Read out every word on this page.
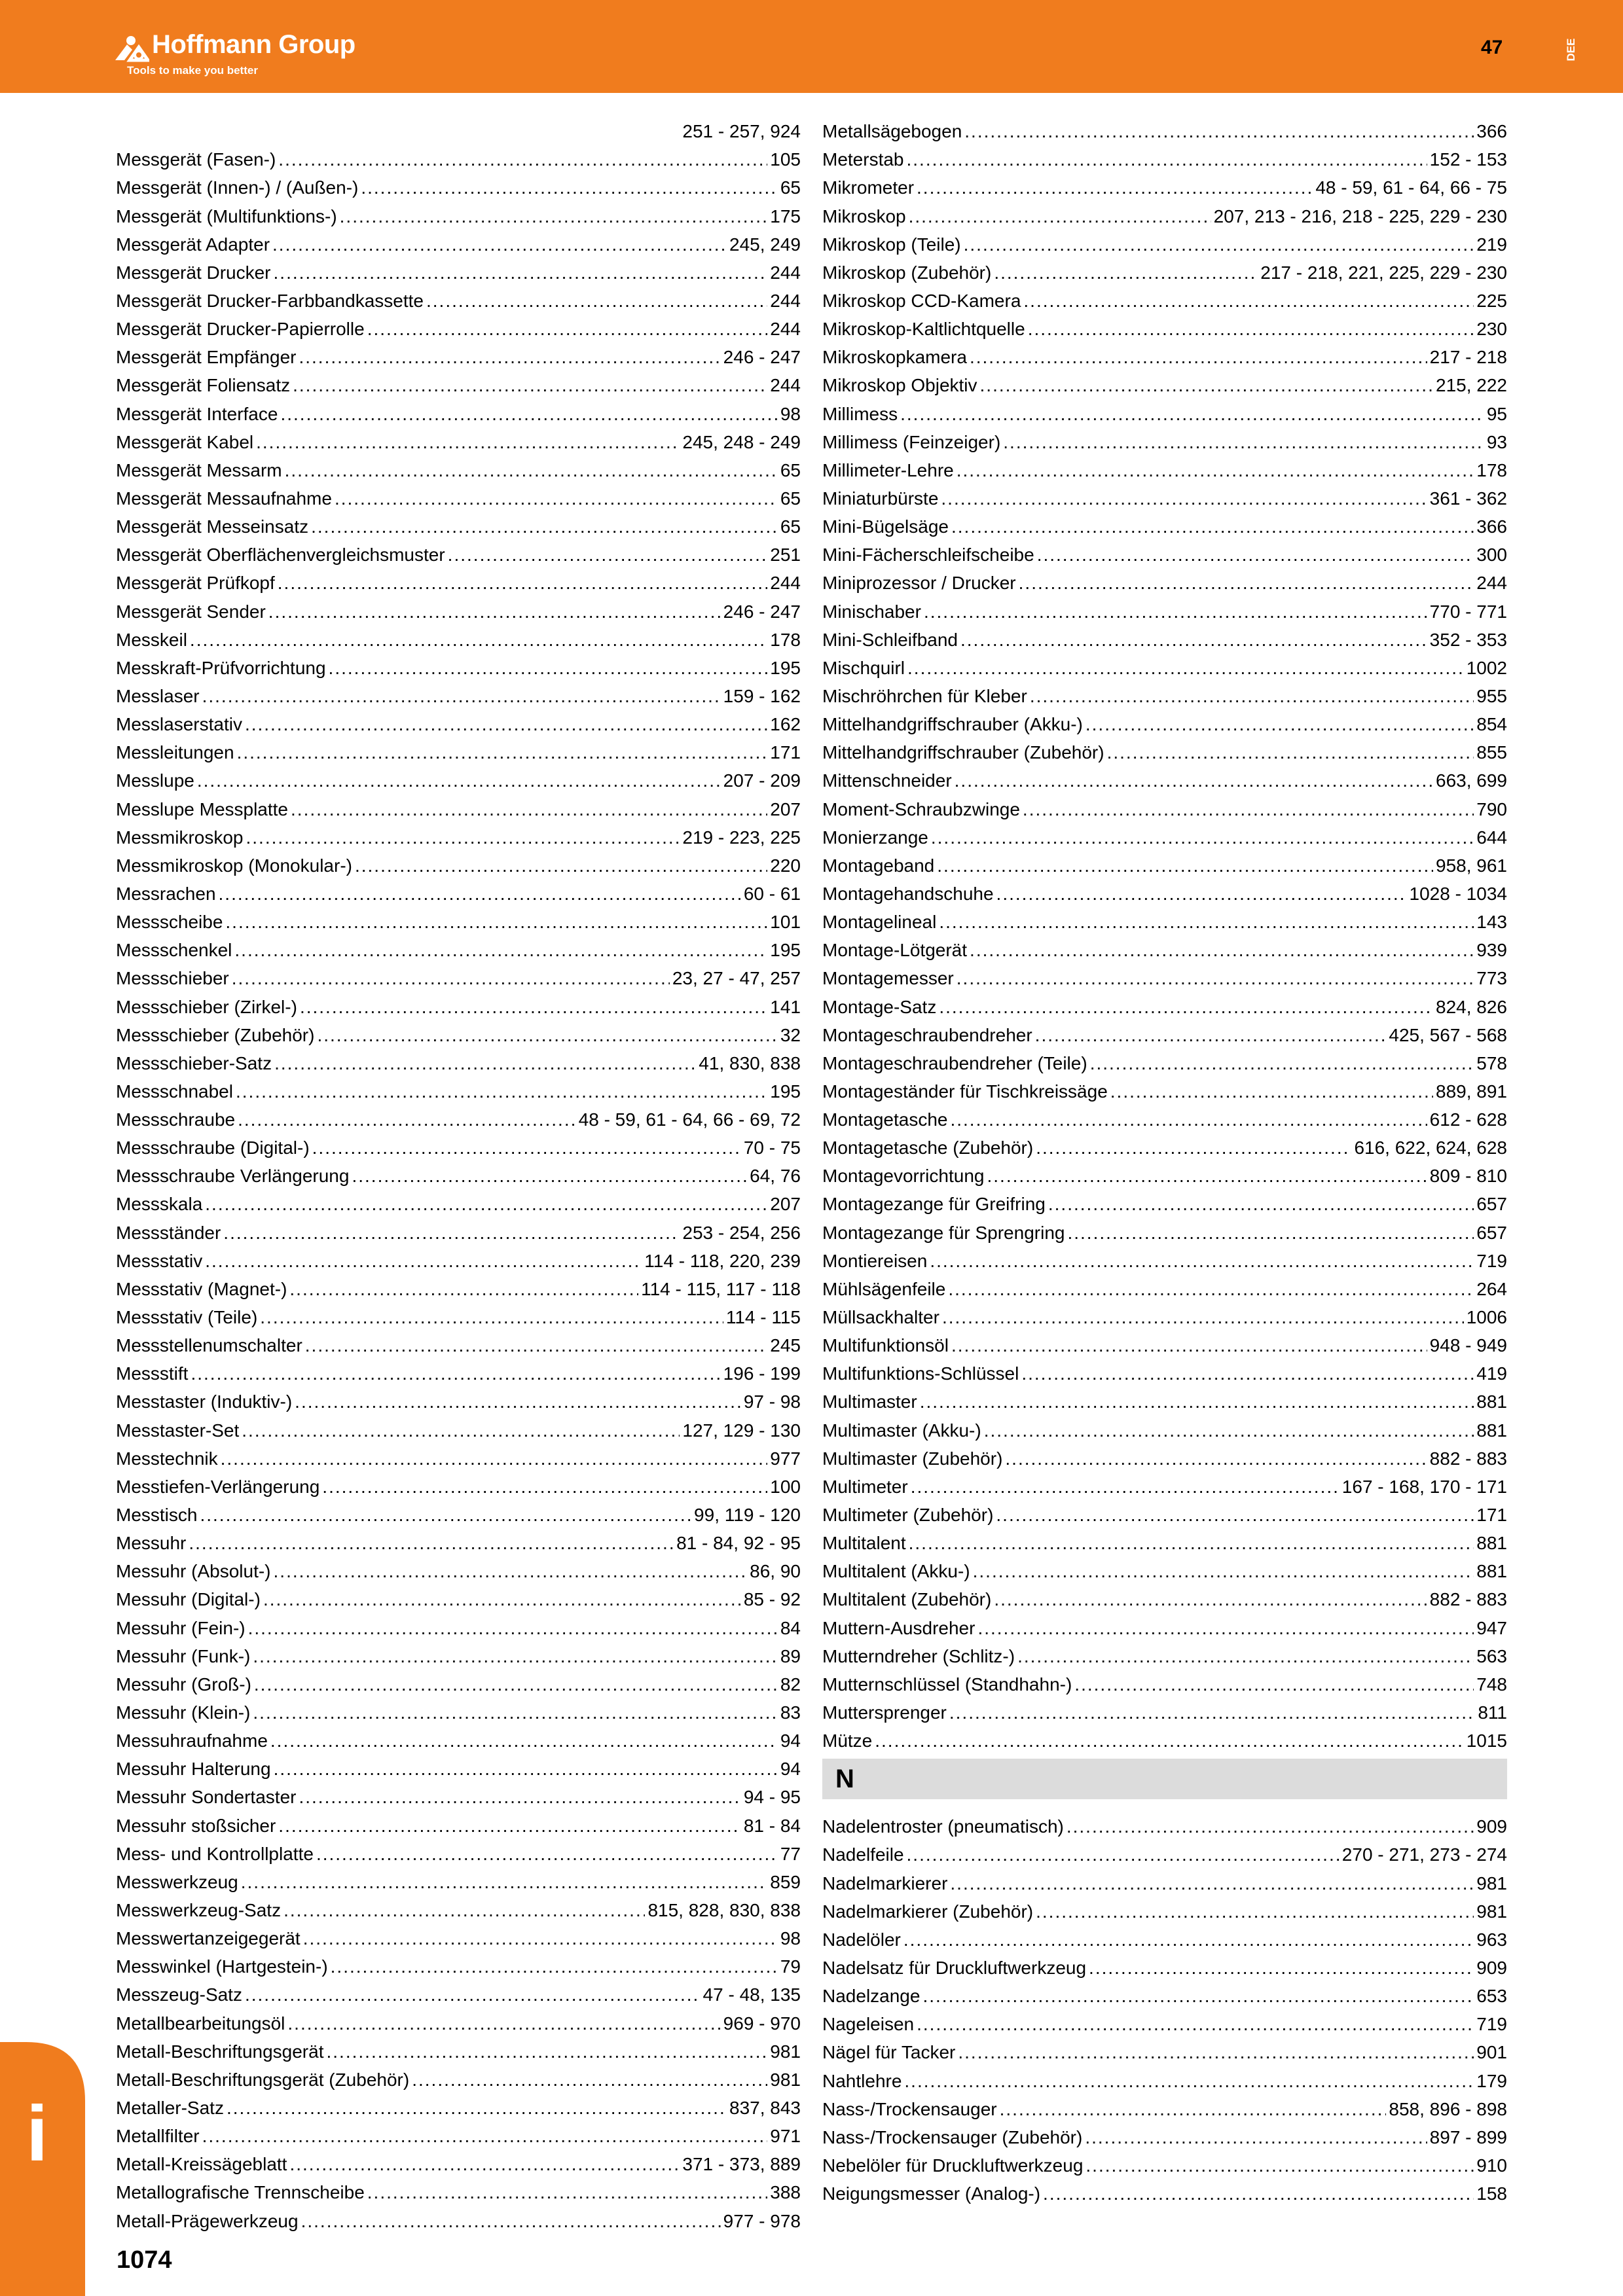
Hoffmann Group
Tools to make you better
47	DEE
251 - 257, 924
Messgerät (Fasen-) .....	105
Messgerät (Innen-) / (Außen-) .....	65
Messgerät (Multifunktions-) .....	175
Messgerät Adapter .....	245, 249
Messgerät Drucker .....	244
Messgerät Drucker-Farbbandkassette .....	244
Messgerät Drucker-Papierrolle .....	244
Messgerät Empfänger .....	246 - 247
Messgerät Foliensatz .....	244
Messgerät Interface .....	98
Messgerät Kabel .....	245, 248 - 249
Messgerät Messarm .....	65
Messgerät Messaufnahme .....	65
Messgerät Messeinsatz .....	65
Messgerät Oberflächenvergleichsmuster .....	251
Messgerät Prüfkopf .....	244
Messgerät Sender .....	246 - 247
Messkeil .....	178
Messkraft-Prüfvorrichtung .....	195
Messlaser .....	159 - 162
Messlaserstativ .....	162
Messleitungen .....	171
Messlupe .....	207 - 209
Messlupe Messplatte .....	207
Messmikroskop .....	219 - 223, 225
Messmikroskop (Monokular-) .....	220
Messrachen .....	60 - 61
Messscheibe .....	101
Messschenkel .....	195
Messschieber .....	23, 27 - 47, 257
Messschieber (Zirkel-) .....	141
Messschieber (Zubehör) .....	32
Messschieber-Satz .....	41, 830, 838
Messschnabel .....	195
Messschraube .....	48 - 59, 61 - 64, 66 - 69, 72
Messschraube (Digital-) .....	70 - 75
Messschraube Verlängerung .....	64, 76
Messskala .....	207
Messständer .....	253 - 254, 256
Messstativ .....	114 - 118, 220, 239
Messstativ (Magnet-) .....	114 - 115, 117 - 118
Messstativ (Teile) .....	114 - 115
Messstellenumschalter .....	245
Messstift .....	196 - 199
Messtaster (Induktiv-) .....	97 - 98
Messtaster-Set .....	127, 129 - 130
Messtechnik .....	977
Messtiefen-Verlängerung .....	100
Messtisch .....	99, 119 - 120
Messuhr .....	81 - 84, 92 - 95
Messuhr (Absolut-) .....	86, 90
Messuhr (Digital-) .....	85 - 92
Messuhr (Fein-) .....	84
Messuhr (Funk-) .....	89
Messuhr (Groß-) .....	82
Messuhr (Klein-) .....	83
Messuhraufnahme .....	94
Messuhr Halterung .....	94
Messuhr Sondertaster .....	94 - 95
Messuhr stoßsicher .....	81 - 84
Mess- und Kontrollplatte .....	77
Messwerkzeug .....	859
Messwerkzeug-Satz .....	815, 828, 830, 838
Messwertanzeigegerät .....	98
Messwinkel (Hartgestein-) .....	79
Messzeug-Satz .....	47 - 48, 135
Metallbearbeitungsöl .....	969 - 970
Metall-Beschriftungsgerät .....	981
Metall-Beschriftungsgerät (Zubehör) .....	981
Metaller-Satz .....	837, 843
Metallfilter .....	971
Metall-Kreissägeblatt .....	371 - 373, 889
Metallografische Trennscheibe .....	388
Metall-Prägewerkzeug .....	977 - 978
Metallsägebogen .....	366
Meterstab .....	152 - 153
Mikrometer .....	48 - 59, 61 - 64, 66 - 75
Mikroskop .....	207, 213 - 216, 218 - 225, 229 - 230
Mikroskop (Teile) .....	219
Mikroskop (Zubehör) .....	217 - 218, 221, 225, 229 - 230
Mikroskop CCD-Kamera .....	225
Mikroskop-Kaltlichtquelle .....	230
Mikroskopkamera .....	217 - 218
Mikroskop Objektiv .....	215, 222
Millimess .....	95
Millimess (Feinzeiger) .....	93
Millimeter-Lehre .....	178
Miniaturbürste .....	361 - 362
Mini-Bügelsäge .....	366
Mini-Fächerschleifscheibe .....	300
Miniprozessor / Drucker .....	244
Minischaber .....	770 - 771
Mini-Schleifband .....	352 - 353
Mischquirl .....	1002
Mischröhrchen für Kleber .....	955
Mittelhandgriffschrauber (Akku-) .....	854
Mittelhandgriffschrauber (Zubehör) .....	855
Mittenschneider .....	663, 699
Moment-Schraubzwinge .....	790
Monierzange .....	644
Montageband .....	958, 961
Montagehandschuhe .....	1028 - 1034
Montagelineal .....	143
Montage-Lötgerät .....	939
Montagemesser .....	773
Montage-Satz .....	824, 826
Montageschraubendreher .....	425, 567 - 568
Montageschraubendreher (Teile) .....	578
Montageständer für Tischkreissäge .....	889, 891
Montagetasche .....	612 - 628
Montagetasche (Zubehör) .....	616, 622, 624, 628
Montagevorrichtung .....	809 - 810
Montagezange für Greifring .....	657
Montagezange für Sprengring .....	657
Montiereisen .....	719
Mühlsägenfeile .....	264
Müllsackhalter .....	1006
Multifunktionsöl .....	948 - 949
Multifunktions-Schlüssel .....	419
Multimaster .....	881
Multimaster (Akku-) .....	881
Multimaster (Zubehör) .....	882 - 883
Multimeter .....	167 - 168, 170 - 171
Multimeter (Zubehör) .....	171
Multitalent .....	881
Multitalent (Akku-) .....	881
Multitalent (Zubehör) .....	882 - 883
Muttern-Ausdreher .....	947
Mutterndreher (Schlitz-) .....	563
Mutternschlüssel (Standhahn-) .....	748
Muttersprenger .....	811
Mütze .....	1015
N
Nadelentroster (pneumatisch) .....	909
Nadelfeile .....	270 - 271, 273 - 274
Nadelmarkierer .....	981
Nadelmarkierer (Zubehör) .....	981
Nadelöler .....	963
Nadelsatz für Druckluftwerkzeug .....	909
Nadelzange .....	653
Nageleisen .....	719
Nägel für Tacker .....	901
Nahtlehre .....	179
Nass-/Trockensauger .....	858, 896 - 898
Nass-/Trockensauger (Zubehör) .....	897 - 899
Nebelöler für Druckluftwerkzeug .....	910
Neigungsmesser (Analog-) .....	158
i
1074
